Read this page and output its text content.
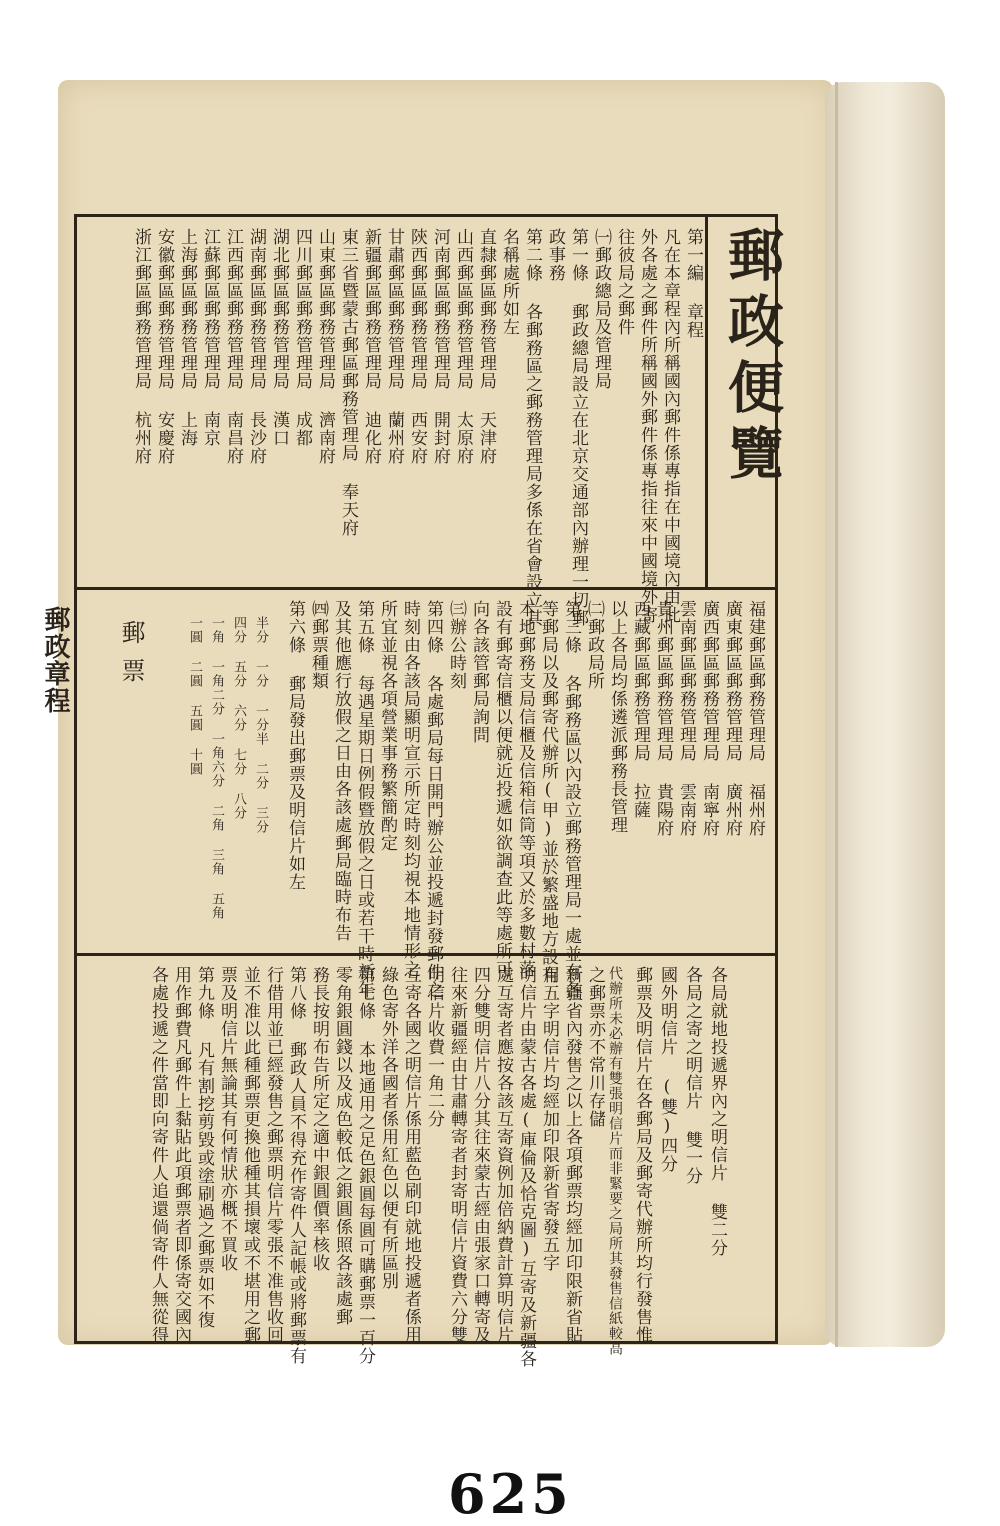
郵政章程
郵政便覽
第一編 章程
凡在本章程內所稱國內郵件係專指在中國境內由此
外各處之郵件所稱國外郵件係專指往來中國境外寄
往彼局之郵件
㈠郵政總局及管理局
第一條 郵政總局設立在北京交通部內辦理一切郵
政事務
第二條 各郵務區之郵務管理局多係在省會設立其
名稱處所如左
直隸郵區郵務管理局 天津府
山西郵區郵務管理局 太原府
河南郵區郵務管理局 開封府
陝西郵區郵務管理局 西安府
甘肅郵區郵務管理局 蘭州府
新疆郵區郵務管理局 迪化府
東三省暨蒙古郵區郵務管理局 奉天府
山東郵區郵務管理局 濟南府
四川郵區郵務管理局 成都
湖北郵區郵務管理局 漢口
湖南郵區郵務管理局 長沙府
江西郵區郵務管理局 南昌府
江蘇郵區郵務管理局 南京
上海郵區郵務管理局 上海
安徽郵區郵務管理局 安慶府
浙江郵區郵務管理局 杭州府
福建郵區郵務管理局 福州府
廣東郵區郵務管理局 廣州府
廣西郵區郵務管理局 南寧府
雲南郵區郵務管理局 雲南府
貴州郵區郵務管理局 貴陽府
西藏郵區郵務管理局 拉薩
以上各局均係遴派郵務長管理
㈡郵政局所
第三條 各郵務區以內設立郵務管理局一處並有各
等郵局以及郵寄代辦所(甲)並於繁盛地方設有
本地郵務支局信櫃及信箱信筒等項又於多數村落
設有郵寄信櫃以便就近投遞如欲調查此等處所可
向各該管郵局詢問
㈢辦公時刻
第四條 各處郵局每日開門辦公並投遞封發郵件之
時刻由各該局顯明宣示所定時刻均視本地情形之
所宜並視各項營業事務繁簡酌定
第五條 每遇星期日例假暨放假之日或若干時新年
及其他應行放假之日由各該處郵局臨時布告
㈣郵票種類
第六條 郵局發出郵票及明信片如左
郵票	半分 一分 一分半 二分 三分
四分 五分 六分 七分 八分
一角 一角二分 一角六分 二角 三角 五角
一圓 二圓 五圓 十圓
各局就地投遞界內之明信片 雙二分
各局之寄之明信片 雙一分
國外明信片 (雙)四分
郵票及明信片在各郵局及郵寄代辦所均行發售惟
代辦所未必辦有雙張明信片而非緊要之局所其發售信紙較高
之郵票亦不常川存儲
新疆省內發售之以上各項郵票均經加印限新省貼
用五字明信片均經加印限新省寄發五字
明信片由蒙古各處(庫倫及恰克圖)互寄及新疆各
處互寄者應按各該互寄資例加倍納費計算明信片
四分雙明信片八分其往來蒙古經由張家口轉寄及
往來新疆經由甘肅轉寄者封寄明信片資費六分雙
明信片收費一角二分
互寄各國之明信片係用藍色刷印就地投遞者係用
綠色寄外洋各國者係用紅色以便有所區別
第七條 本地通用之足色銀圓每圓可購郵票一百分
零角銀圓錢以及成色較低之銀圓係照各該處郵
務長按明布告所定之適中銀圓價率核收
第八條 郵政人員不得充作寄件人記帳或將郵票有
行借用並已經發售之郵票明信片零張不准售收回
並不准以此種郵票更換他種其損壞或不堪用之郵
票及明信片無論其有何情狀亦概不買收
第九條 凡有割挖剪毀或塗刷過之郵票如不復
用作郵費凡郵件上黏貼此項郵票者即係寄交國內
各處投遞之件當即向寄件人追還倘寄件人無從得
625
